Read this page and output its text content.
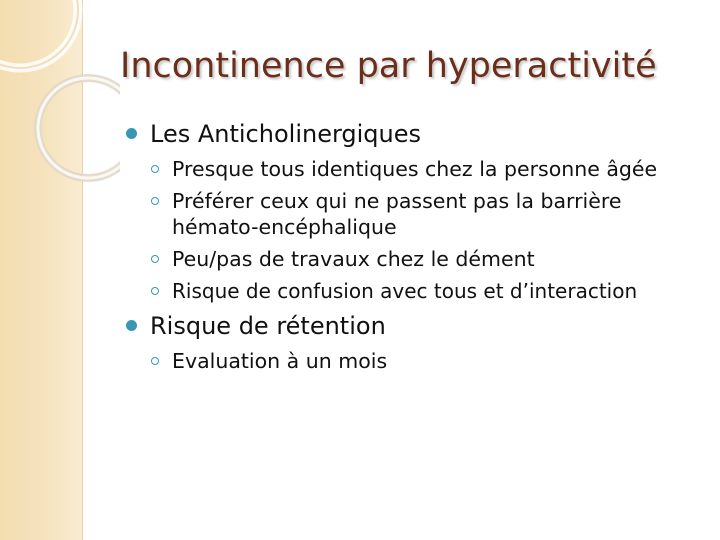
Incontinence par hyperactivité
Les Anticholinergiques
Presque tous identiques chez la personne âgée
Préférer ceux qui ne passent pas la barrière hémato-encéphalique
Peu/pas de travaux chez le dément
Risque de confusion avec tous et d’interaction
Risque de rétention
Evaluation à un mois
